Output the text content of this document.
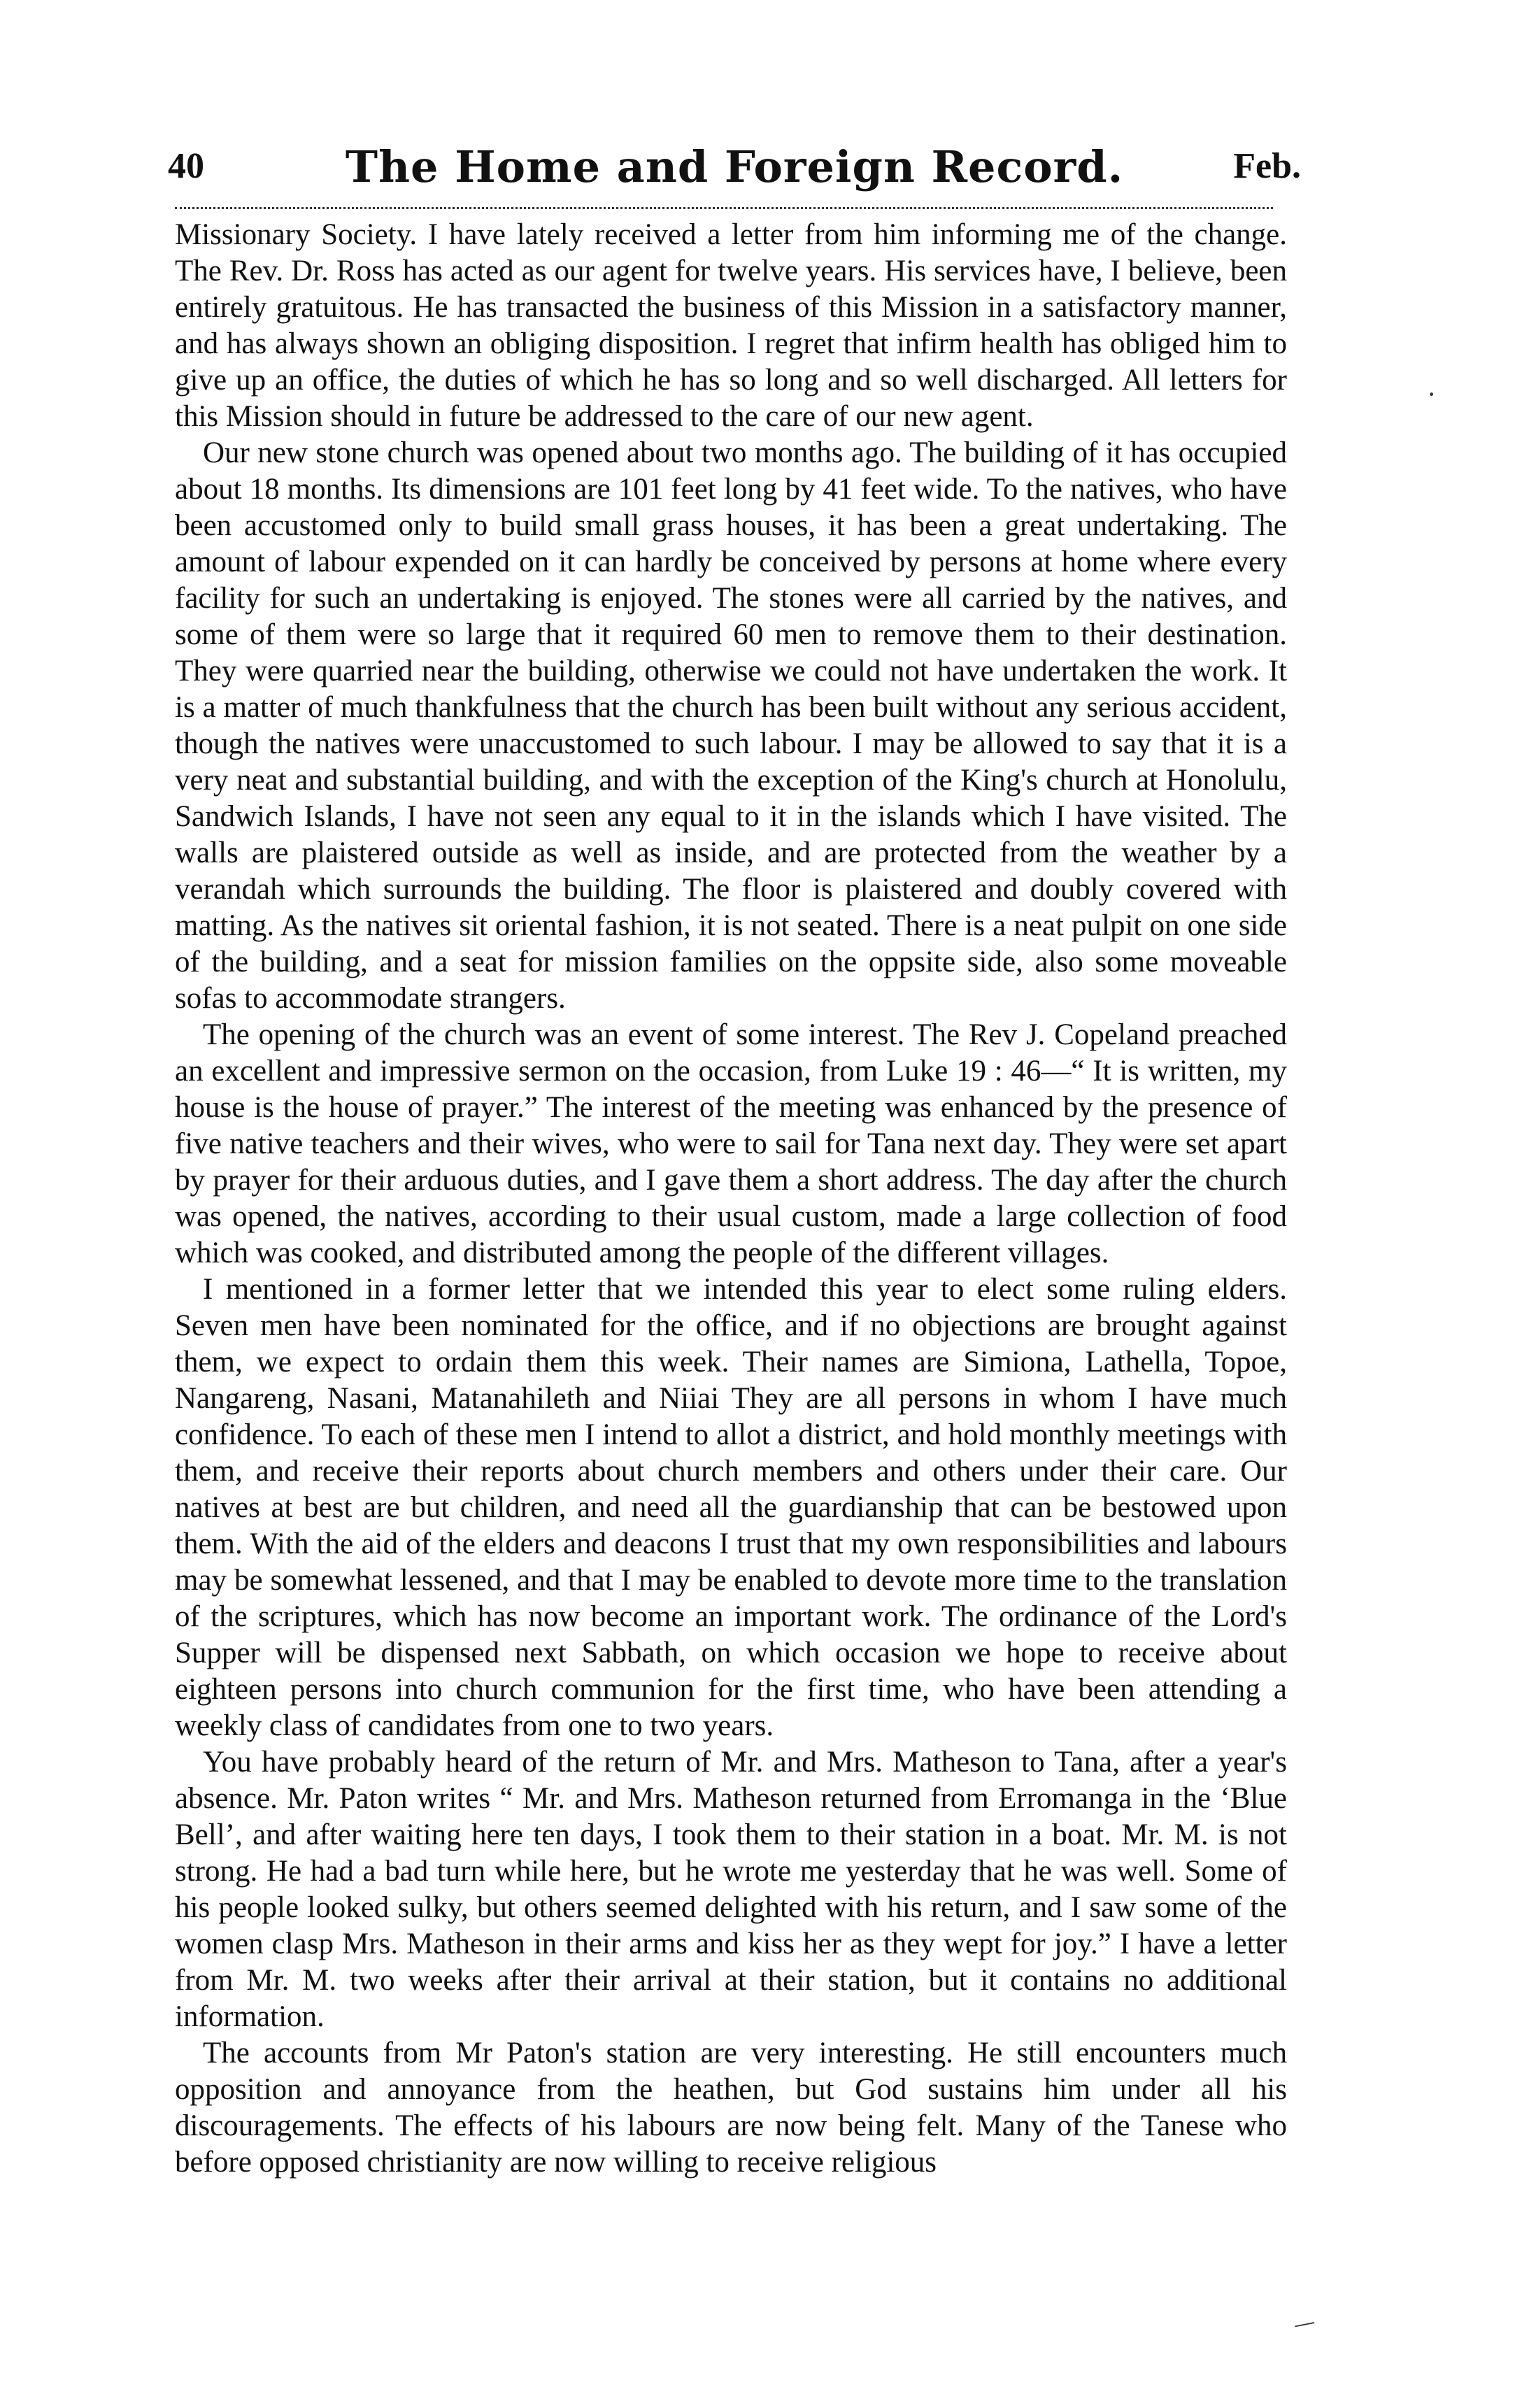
40	The Home and Foreign Record.	Feb.

Missionary Society. I have lately received a letter from him informing me of the change. The Rev. Dr. Ross has acted as our agent for twelve years. His services have, I believe, been entirely gratuitous. He has transacted the business of this Mission in a satisfactory manner, and has always shown an obliging disposition. I regret that infirm health has obliged him to give up an office, the duties of which he has so long and so well discharged. All letters for this Mission should in future be addressed to the care of our new agent.

Our new stone church was opened about two months ago. The building of it has occupied about 18 months. Its dimensions are 101 feet long by 41 feet wide. To the natives, who have been accustomed only to build small grass houses, it has been a great undertaking. The amount of labour expended on it can hardly be conceived by persons at home where every facility for such an undertaking is enjoyed. The stones were all carried by the natives, and some of them were so large that it required 60 men to remove them to their destination. They were quarried near the building, otherwise we could not have undertaken the work. It is a matter of much thankfulness that the church has been built without any serious accident, though the natives were unaccustomed to such labour. I may be allowed to say that it is a very neat and substantial building, and with the exception of the King's church at Honolulu, Sandwich Islands, I have not seen any equal to it in the islands which I have visited. The walls are plaistered outside as well as inside, and are protected from the weather by a verandah which surrounds the building. The floor is plaistered and doubly covered with matting. As the natives sit oriental fashion, it is not seated. There is a neat pulpit on one side of the building, and a seat for mission families on the oppsite side, also some moveable sofas to accommodate strangers.

The opening of the church was an event of some interest. The Rev J. Copeland preached an excellent and impressive sermon on the occasion, from Luke 19 : 46—“ It is written, my house is the house of prayer.” The interest of the meeting was enhanced by the presence of five native teachers and their wives, who were to sail for Tana next day. They were set apart by prayer for their arduous duties, and I gave them a short address. The day after the church was opened, the natives, according to their usual custom, made a large collection of food which was cooked, and distributed among the people of the different villages.

I mentioned in a former letter that we intended this year to elect some ruling elders. Seven men have been nominated for the office, and if no objections are brought against them, we expect to ordain them this week. Their names are Simiona, Lathella, Topoe, Nangareng, Nasani, Matanahileth and Niiai They are all persons in whom I have much confidence. To each of these men I intend to allot a district, and hold monthly meetings with them, and receive their reports about church members and others under their care. Our natives at best are but children, and need all the guardianship that can be bestowed upon them. With the aid of the elders and deacons I trust that my own responsibilities and labours may be somewhat lessened, and that I may be enabled to devote more time to the translation of the scriptures, which has now become an important work. The ordinance of the Lord's Supper will be dispensed next Sabbath, on which occasion we hope to receive about eighteen persons into church communion for the first time, who have been attending a weekly class of candidates from one to two years.

You have probably heard of the return of Mr. and Mrs. Matheson to Tana, after a year's absence. Mr. Paton writes “ Mr. and Mrs. Matheson returned from Erromanga in the ‘Blue Bell’, and after waiting here ten days, I took them to their station in a boat. Mr. M. is not strong. He had a bad turn while here, but he wrote me yesterday that he was well. Some of his people looked sulky, but others seemed delighted with his return, and I saw some of the women clasp Mrs. Matheson in their arms and kiss her as they wept for joy.” I have a letter from Mr. M. two weeks after their arrival at their station, but it contains no additional information.

The accounts from Mr Paton's station are very interesting. He still encounters much opposition and annoyance from the heathen, but God sustains him under all his discouragements. The effects of his labours are now being felt. Many of the Tanese who before opposed christianity are now willing to receive religious

·
/
